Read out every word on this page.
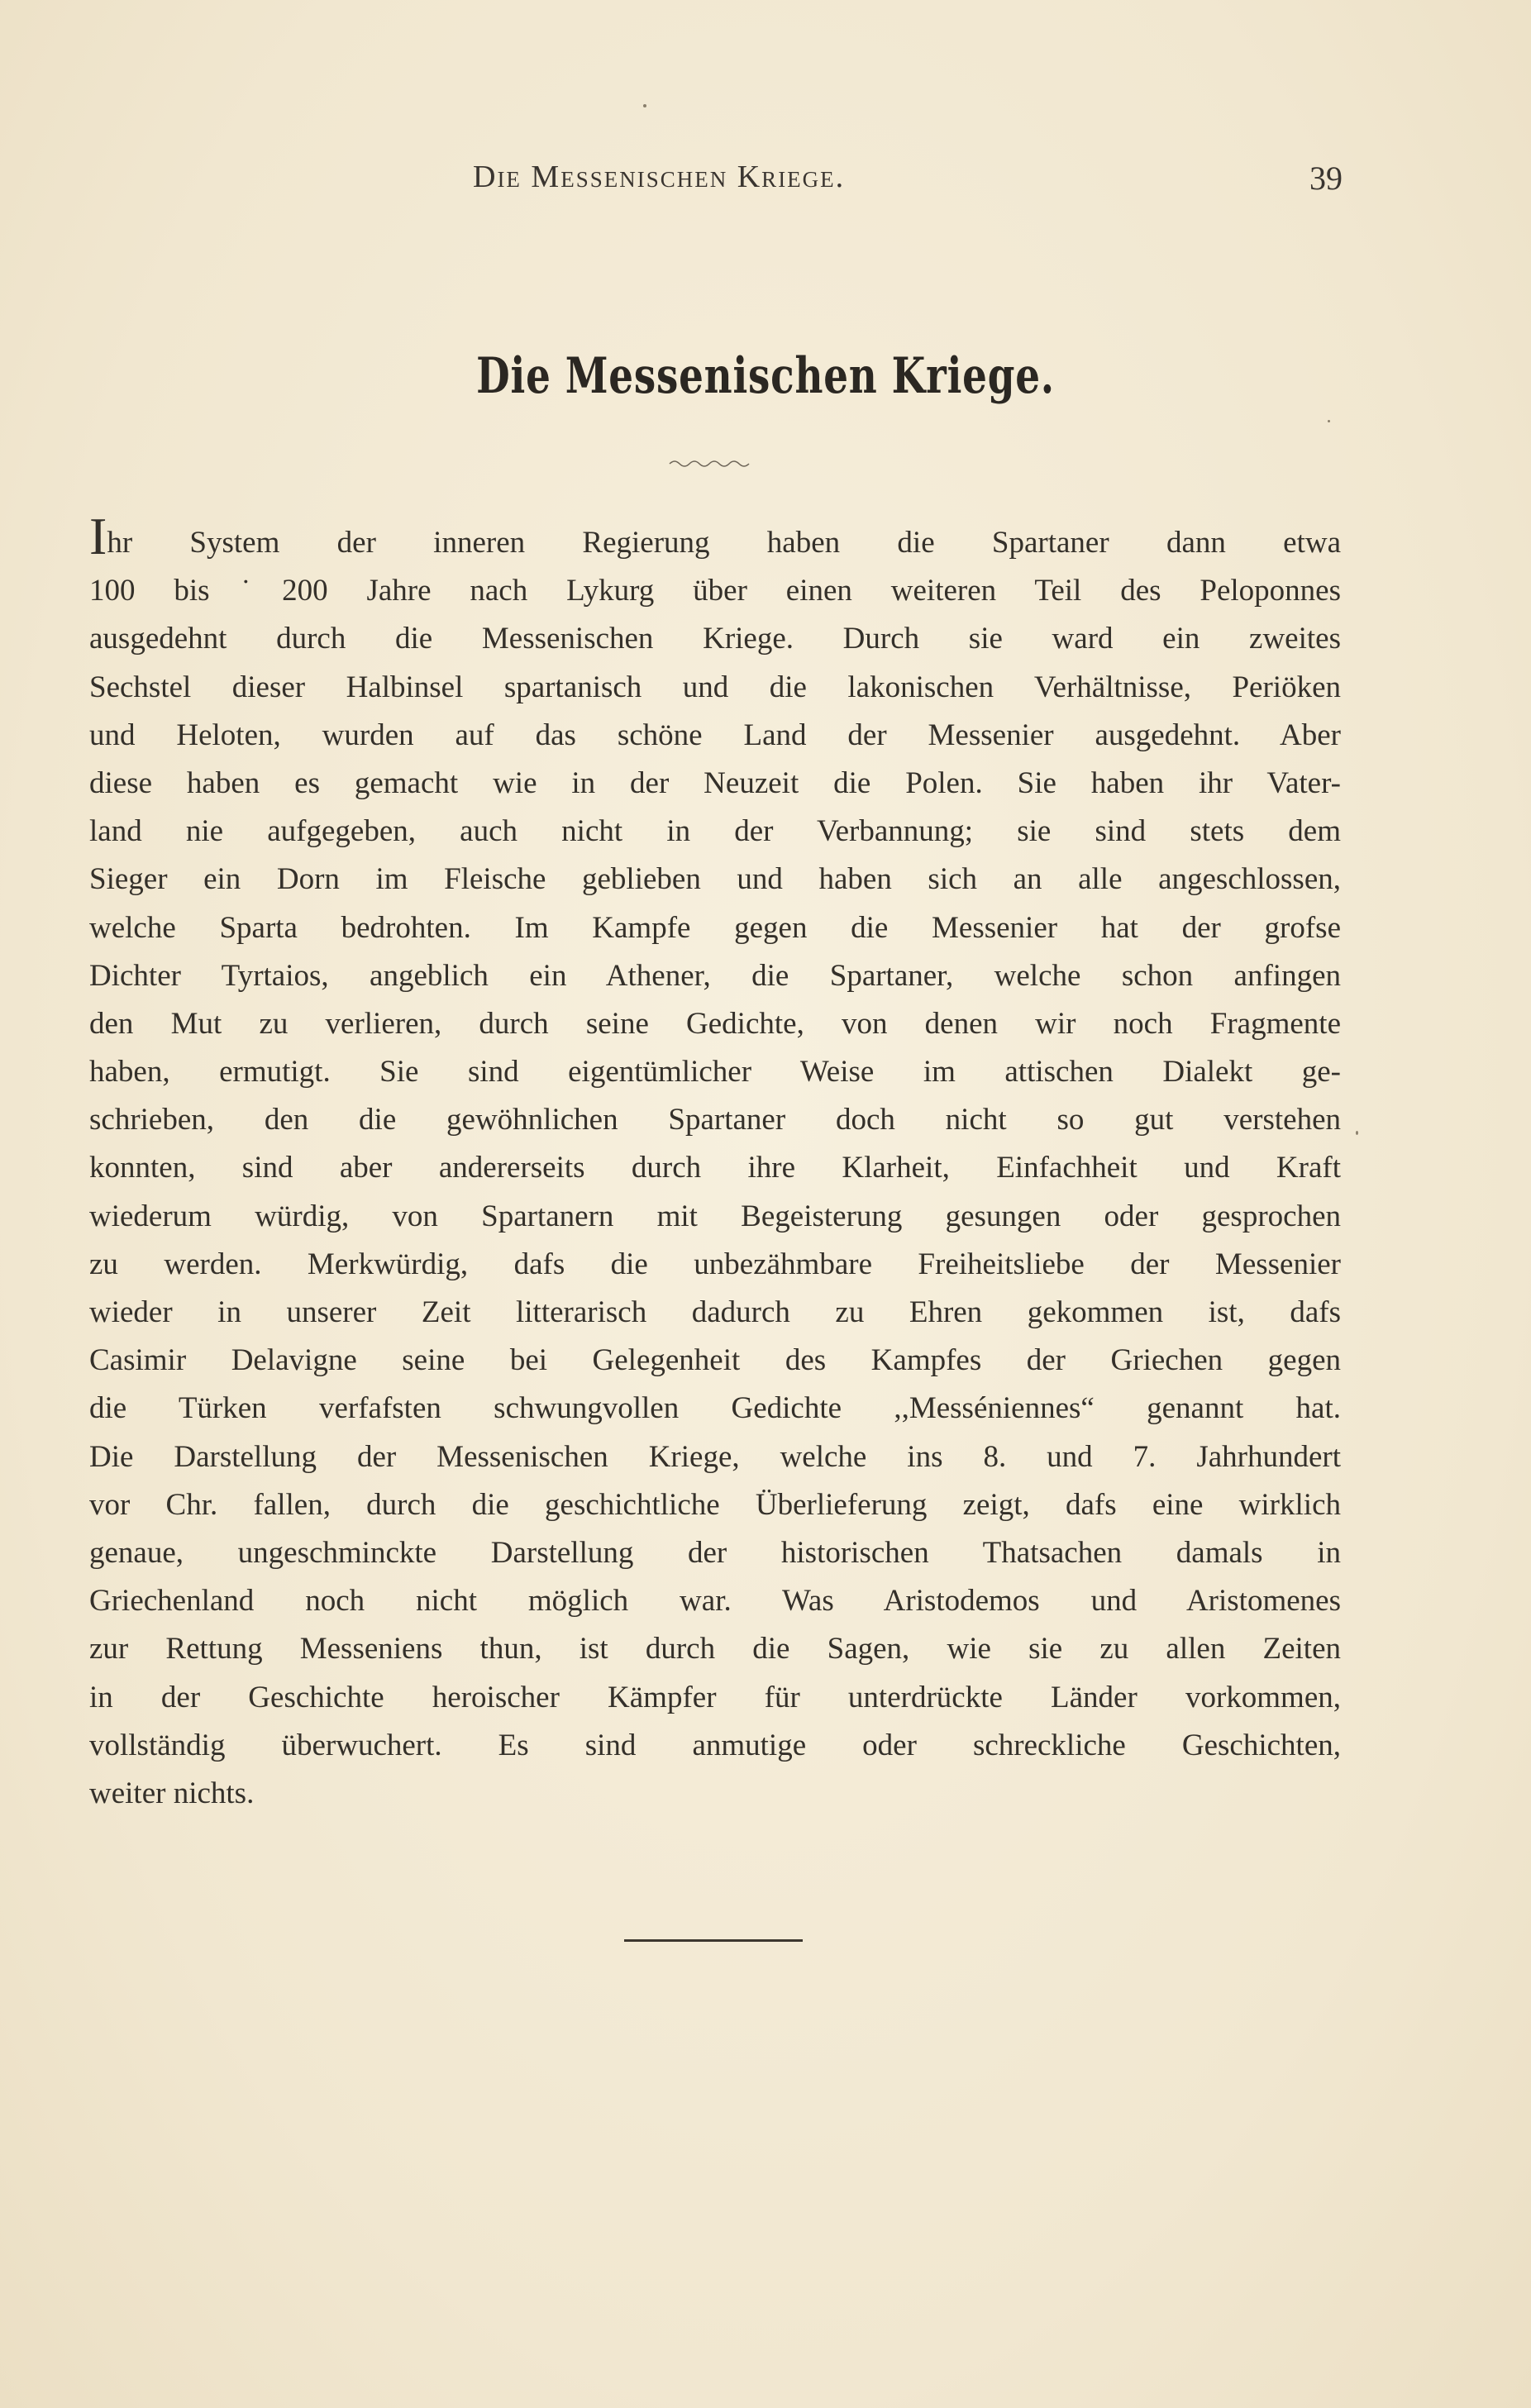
Die Messenischen Kriege.	39
Die Messenischen Kriege.
Ihr System der inneren Regierung haben die Spartaner dann etwa
100 bis˙200 Jahre nach Lykurg über einen weiteren Teil des Peloponnes
ausgedehnt durch die Messenischen Kriege. Durch sie ward ein zweites
Sechstel dieser Halbinsel spartanisch und die lakonischen Verhältnisse, Periöken
und Heloten, wurden auf das schöne Land der Messenier ausgedehnt. Aber
diese haben es gemacht wie in der Neuzeit die Polen. Sie haben ihr Vater-
land nie aufgegeben, auch nicht in der Verbannung; sie sind stets dem
Sieger ein Dorn im Fleische geblieben und haben sich an alle angeschlossen,
welche Sparta bedrohten. Im Kampfe gegen die Messenier hat der grofse
Dichter Tyrtaios, angeblich ein Athener, die Spartaner, welche schon anfingen
den Mut zu verlieren, durch seine Gedichte, von denen wir noch Fragmente
haben, ermutigt. Sie sind eigentümlicher Weise im attischen Dialekt ge-
schrieben, den die gewöhnlichen Spartaner doch nicht so gut verstehen
konnten, sind aber andererseits durch ihre Klarheit, Einfachheit und Kraft
wiederum würdig, von Spartanern mit Begeisterung gesungen oder gesprochen
zu werden. Merkwürdig, dafs die unbezähmbare Freiheitsliebe der Messenier
wieder in unserer Zeit litterarisch dadurch zu Ehren gekommen ist, dafs
Casimir Delavigne seine bei Gelegenheit des Kampfes der Griechen gegen
die Türken verfafsten schwungvollen Gedichte ,,Messéniennes“ genannt hat.
Die Darstellung der Messenischen Kriege, welche ins 8. und 7. Jahrhundert
vor Chr. fallen, durch die geschichtliche Überlieferung zeigt, dafs eine wirklich
genaue, ungeschminckte Darstellung der historischen Thatsachen damals in
Griechenland noch nicht möglich war. Was Aristodemos und Aristomenes
zur Rettung Messeniens thun, ist durch die Sagen, wie sie zu allen Zeiten
in der Geschichte heroischer Kämpfer für unterdrückte Länder vorkommen,
vollständig überwuchert. Es sind anmutige oder schreckliche Geschichten,
weiter nichts.
